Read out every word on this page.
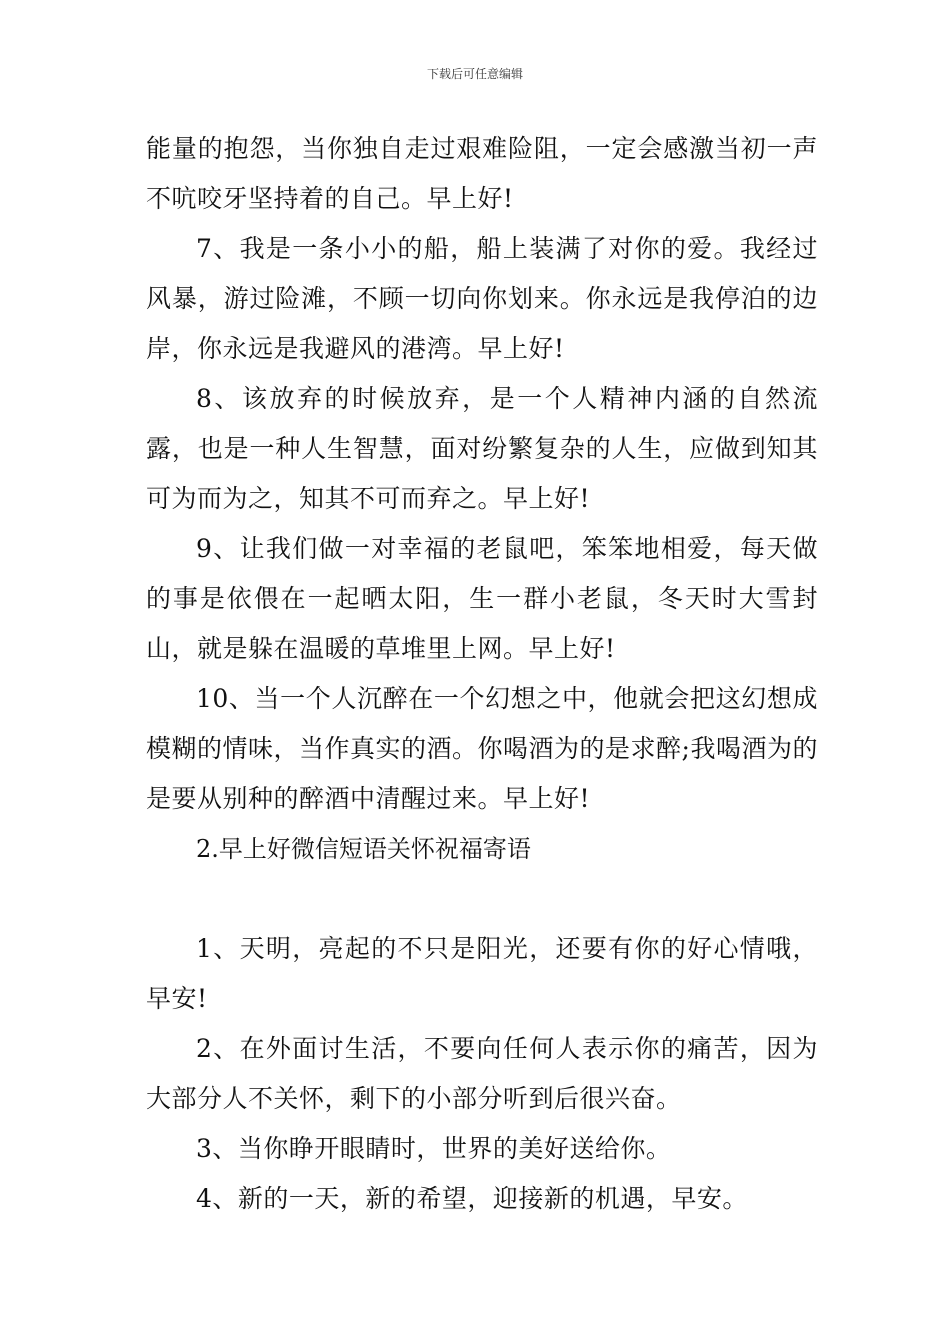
下载后可任意编辑

能量的抱怨，当你独自走过艰难险阻，一定会感激当初一声不吭咬牙坚持着的自己。早上好!

7、我是一条小小的船，船上装满了对你的爱。我经过风暴，游过险滩，不顾一切向你划来。你永远是我停泊的边岸，你永远是我避风的港湾。早上好!

8、该放弃的时候放弃，是一个人精神内涵的自然流露，也是一种人生智慧，面对纷繁复杂的人生，应做到知其可为而为之，知其不可而弃之。早上好!

9、让我们做一对幸福的老鼠吧，笨笨地相爱，每天做的事是依偎在一起晒太阳，生一群小老鼠，冬天时大雪封山，就是躲在温暖的草堆里上网。早上好!

10、当一个人沉醉在一个幻想之中，他就会把这幻想成模糊的情味，当作真实的酒。你喝酒为的是求醉;我喝酒为的是要从别种的醉酒中清醒过来。早上好!

2.早上好微信短语关怀祝福寄语

1、天明，亮起的不只是阳光，还要有你的好心情哦，早安!

2、在外面讨生活，不要向任何人表示你的痛苦，因为大部分人不关怀，剩下的小部分听到后很兴奋。

3、当你睁开眼睛时，世界的美好送给你。

4、新的一天，新的希望，迎接新的机遇，早安。
